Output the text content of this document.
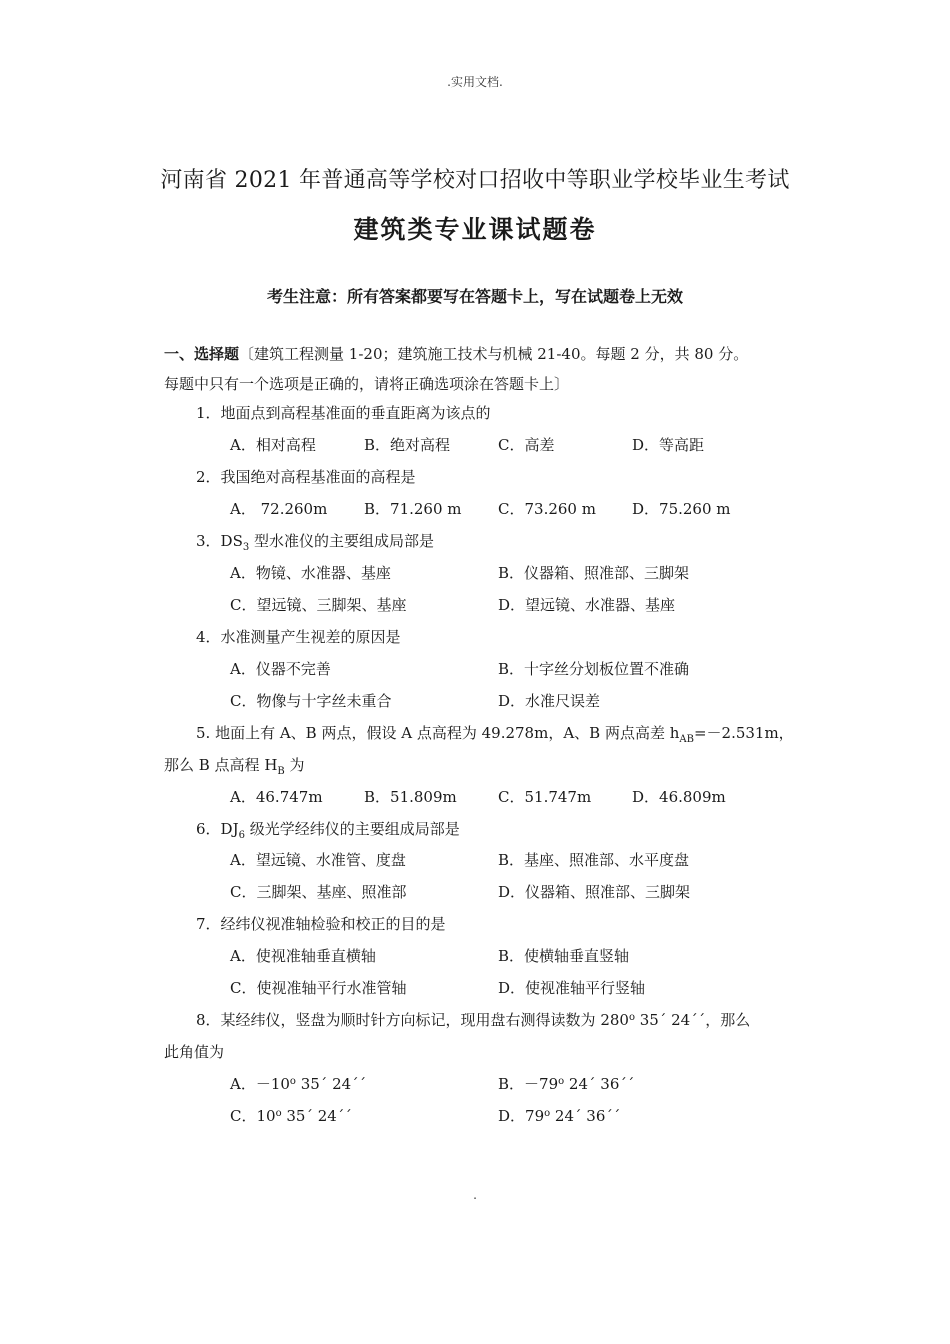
.实用文档.
河南省 2021 年普通高等学校对口招收中等职业学校毕业生考试
建筑类专业课试题卷
考生注意：所有答案都要写在答题卡上，写在试题卷上无效
一、选择题〔建筑工程测量 1-20；建筑施工技术与机械 21-40。每题 2 分，共 80 分。
每题中只有一个选项是正确的，请将正确选项涂在答题卡上〕
1．地面点到高程基准面的垂直距离为该点的
A．相对高程	B．绝对高程	C．高差	D．等高距
2．我国绝对高程基准面的高程是
A． 72.260m B．71.260 m C．73.260 m D．75.260 m
3．$DS_3$ 型水准仪的主要组成局部是
A．物镜、水准器、基座	B．仪器箱、照准部、三脚架
C．望远镜、三脚架、基座	D．望远镜、水准器、基座
4．水准测量产生视差的原因是
A．仪器不完善	B．十字丝分划板位置不准确
C．物像与十字丝未重合	D．水准尺误差
5. 地面上有 A、B 两点，假设 A 点高程为 49.278m，A、B 两点高差 $h_{AB}=-2.531m$，
那么 B 点高程 $H_B$ 为
A．46.747m	B．51.809m	C．51.747m	D．46.809m
6．$DJ_6$ 级光学经纬仪的主要组成局部是
A．望远镜、水准管、度盘	B．基座、照准部、水平度盘
C．三脚架、基座、照准部	D．仪器箱、照准部、三脚架
7．经纬仪视准轴检验和校正的目的是
A．使视准轴垂直横轴	B．使横轴垂直竖轴
C．使视准轴平行水准管轴	D．使视准轴平行竖轴
8．某经纬仪，竖盘为顺时针方向标记，现用盘右测得读数为 280$^o$ 35´ 24´´，那么
此角值为
A．$-10^o$ 35´ 24´´	B．$-79^o$ 24´ 36´´
C．10$^o$ 35´ 24´´	D．79$^o$ 24´ 36´´
.
